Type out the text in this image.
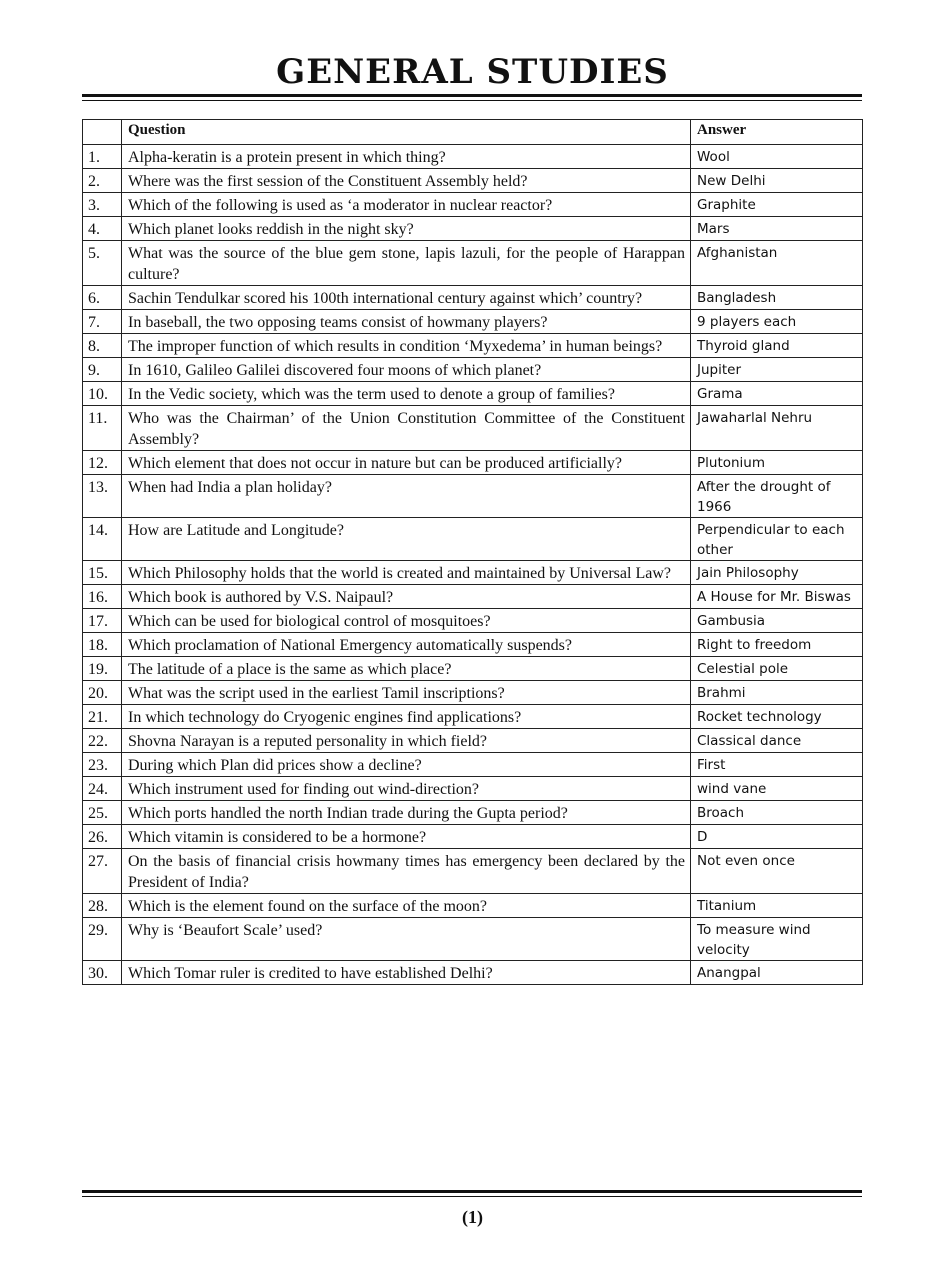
GENERAL STUDIES
	Question	Answer
1.	Alpha-keratin is a protein present in which thing?	Wool
2.	Where was the first session of the Constituent Assembly held?	New Delhi
3.	Which of the following is used as ‘a moderator in nuclear reactor?	Graphite
4.	Which planet looks reddish in the night sky?	Mars
5.	What was the source of the blue gem stone, lapis lazuli, for the people of Harappan culture?	Afghanistan
6.	Sachin Tendulkar scored his 100th international century against which’ country?	Bangladesh
7.	In baseball, the two opposing teams consist of howmany players?	9 players each
8.	The improper function of which results in condition ‘Myxedema’ in human beings?	Thyroid gland
9.	In 1610, Galileo Galilei discovered four moons of which planet?	Jupiter
10.	In the Vedic society, which was the term used to denote a group of families?	Grama
11.	Who was the Chairman’ of the Union Constitution Committee of the Constituent Assembly?	Jawaharlal Nehru
12.	Which element that does not occur in nature but can be produced artificially?	Plutonium
13.	When had India a plan holiday?	After the drought of 1966
14.	How are Latitude and Longitude?	Perpendicular to each other
15.	Which Philosophy holds that the world is created and maintained by Universal Law?	Jain Philosophy
16.	Which book is authored by V.S. Naipaul?	A House for Mr. Biswas
17.	Which can be used for biological control of mosquitoes?	Gambusia
18.	Which proclamation of National Emergency automatically suspends?	Right to freedom
19.	The latitude of a place is the same as which place?	Celestial pole
20.	What was the script used in the earliest Tamil inscriptions?	Brahmi
21.	In which technology do Cryogenic engines find applications?	Rocket technology
22.	Shovna Narayan is a reputed personality in which field?	Classical dance
23.	During which Plan did prices show a decline?	First
24.	Which instrument used for finding out wind-direction?	wind vane
25.	Which ports handled the north Indian trade during the Gupta period?	Broach
26.	Which vitamin is considered to be a hormone?	D
27.	On the basis of financial crisis howmany times has emergency been declared by the President of India?	Not even once
28.	Which is the element found on the surface of the moon?	Titanium
29.	Why is ‘Beaufort Scale’ used?	To measure wind velocity
30.	Which Tomar ruler is credited to have established Delhi?	Anangpal
(1)
